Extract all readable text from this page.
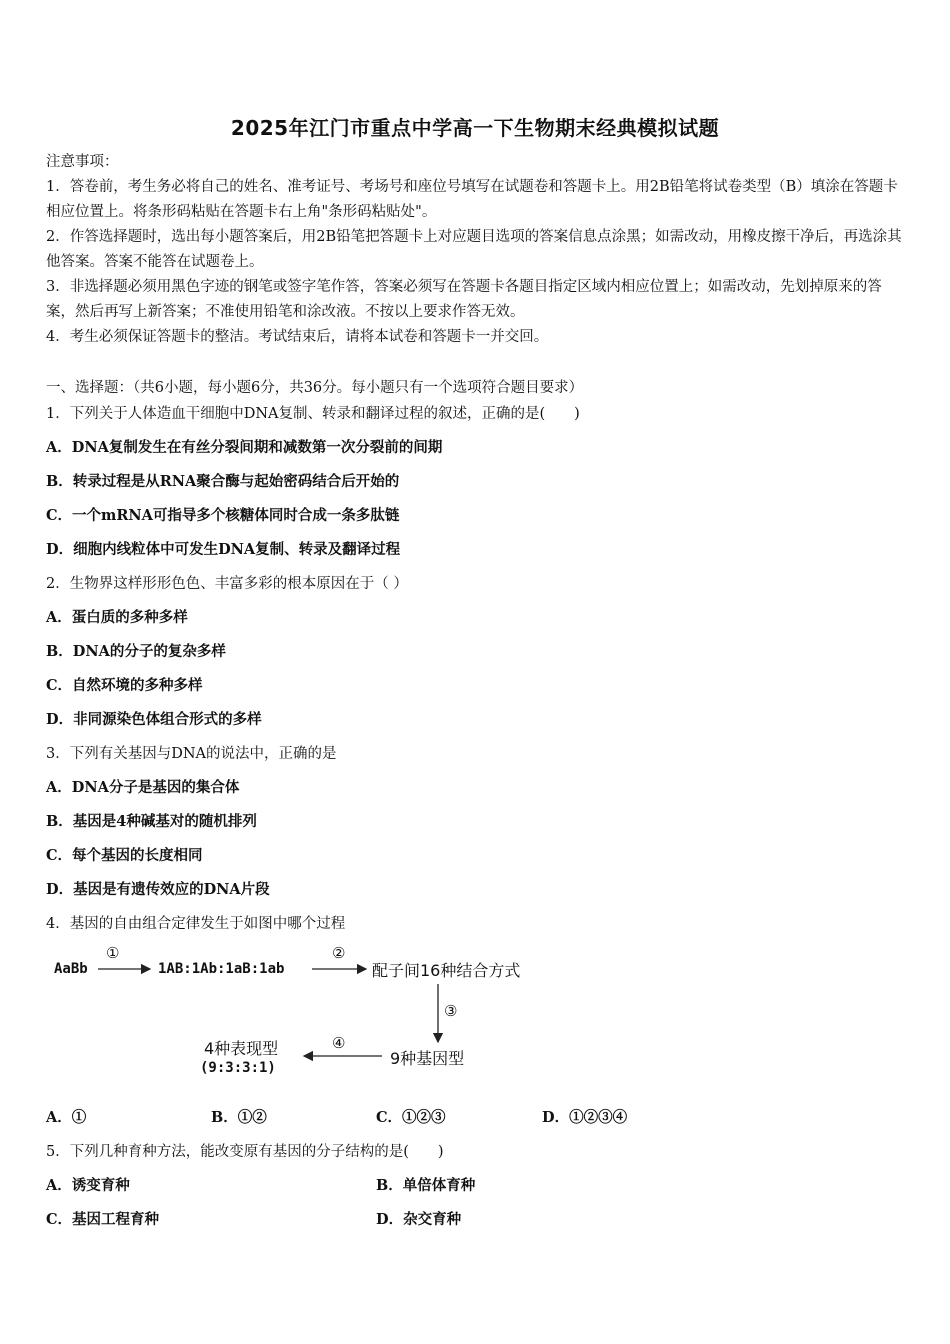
2025年江门市重点中学高一下生物期末经典模拟试题

注意事项：

1．答卷前，考生务必将自己的姓名、准考证号、考场号和座位号填写在试题卷和答题卡上。用2B铅笔将试卷类型（B）填涂在答题卡相应位置上。将条形码粘贴在答题卡右上角"条形码粘贴处"。

2．作答选择题时，选出每小题答案后，用2B铅笔把答题卡上对应题目选项的答案信息点涂黑；如需改动，用橡皮擦干净后，再选涂其他答案。答案不能答在试题卷上。

3．非选择题必须用黑色字迹的钢笔或签字笔作答，答案必须写在答题卡各题目指定区域内相应位置上；如需改动，先划掉原来的答案，然后再写上新答案；不准使用铅笔和涂改液。不按以上要求作答无效。

4．考生必须保证答题卡的整洁。考试结束后，请将本试卷和答题卡一并交回。

一、选择题：（共6小题，每小题6分，共36分。每小题只有一个选项符合题目要求）
1．下列关于人体造血干细胞中DNA复制、转录和翻译过程的叙述，正确的是(　　)
A．DNA复制发生在有丝分裂间期和减数第一次分裂前的间期
B．转录过程是从RNA聚合酶与起始密码结合后开始的
C．一个mRNA可指导多个核糖体同时合成一条多肽链
D．细胞内线粒体中可发生DNA复制、转录及翻译过程
2．生物界这样形形色色、丰富多彩的根本原因在于（ ）
A．蛋白质的多种多样
B．DNA的分子的复杂多样
C．自然环境的多种多样
D．非同源染色体组合形式的多样
3．下列有关基因与DNA的说法中，正确的是
A．DNA分子是基因的集合体
B．基因是4种碱基对的随机排列
C．每个基因的长度相同
D．基因是有遗传效应的DNA片段
4．基因的自由组合定律发生于如图中哪个过程
AaBb
①
1AB:1Ab:1aB:1ab
②
配子间16种结合方式
③
9种基因型
④
4种表现型
(9:3:3:1)
A．①	B．①②	C．①②③	D．①②③④
5．下列几种育种方法，能改变原有基因的分子结构的是(　　)
A．诱变育种	B．单倍体育种
C．基因工程育种	D．杂交育种
